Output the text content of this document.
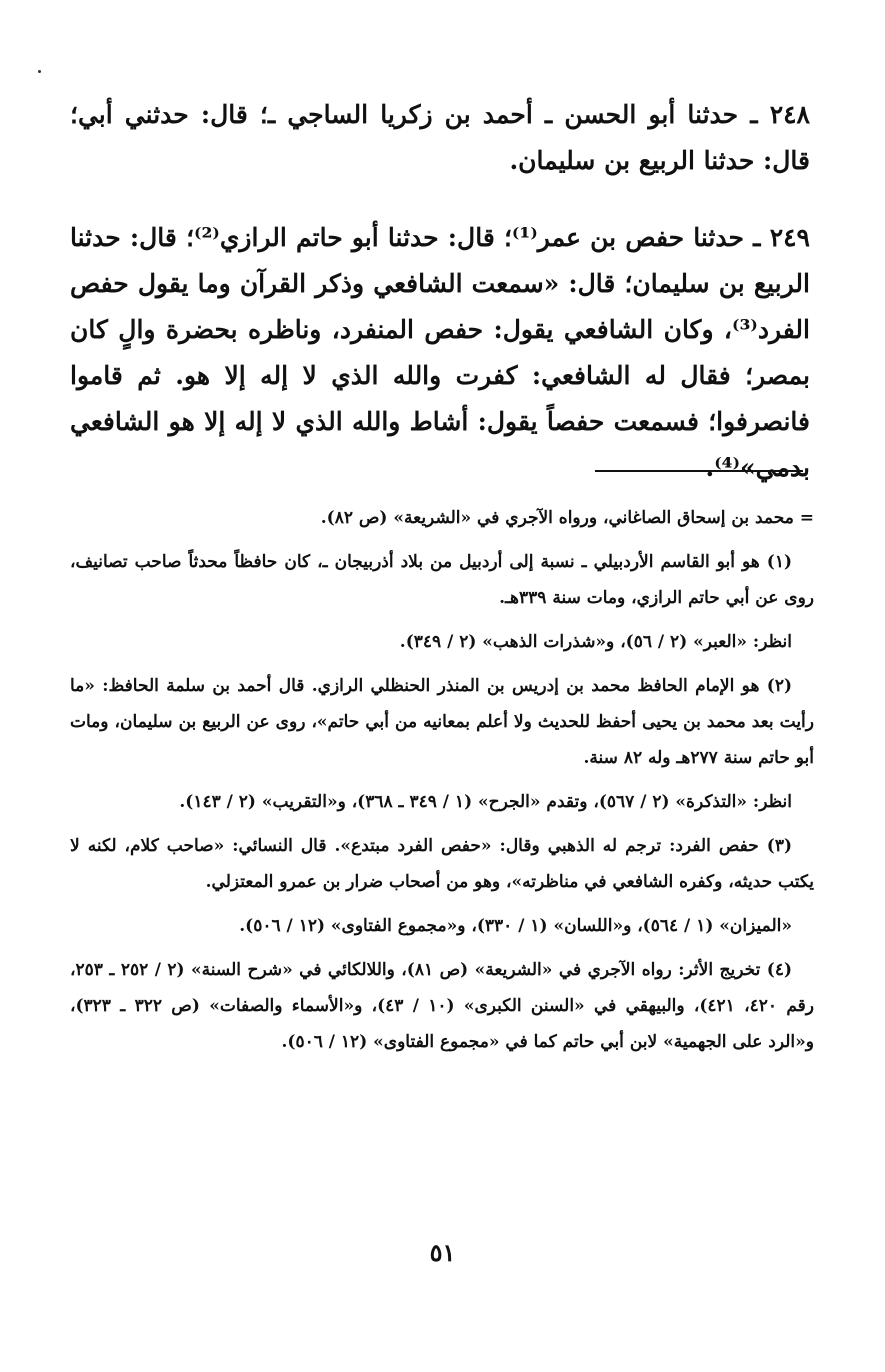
٢٤٨ ـ حدثنا أبو الحسن ـ أحمد بن زكريا الساجي ـ؛ قال: حدثني أبي؛ قال: حدثنا الربيع بن سليمان.

٢٤٩ ـ حدثنا حفص بن عمر⁽¹⁾؛ قال: حدثنا أبو حاتم الرازي⁽²⁾؛ قال: حدثنا الربيع بن سليمان؛ قال: «سمعت الشافعي وذكر القرآن وما يقول حفص الفرد⁽³⁾، وكان الشافعي يقول: حفص المنفرد، وناظره بحضرة والٍ كان بمصر؛ فقال له الشافعي: كفرت والله الذي لا إله إلا هو. ثم قاموا فانصرفوا؛ فسمعت حفصاً يقول: أشاط والله الذي لا إله إلا هو الشافعي بدمي»⁽⁴⁾.

= محمد بن إسحاق الصاغاني، ورواه الآجري في «الشريعة» (ص ٨٢).

(١) هو أبو القاسم الأردبيلي ـ نسبة إلى أردبيل من بلاد أذربيجان ـ، كان حافظاً محدثاً صاحب تصانيف، روى عن أبي حاتم الرازي، ومات سنة ٣٣٩هـ.

انظر: «العبر» (٢ / ٥٦)، و«شذرات الذهب» (٢ / ٣٤٩).

(٢) هو الإمام الحافظ محمد بن إدريس بن المنذر الحنظلي الرازي. قال أحمد بن سلمة الحافظ: «ما رأيت بعد محمد بن يحيى أحفظ للحديث ولا أعلم بمعانيه من أبي حاتم»، روى عن الربيع بن سليمان، ومات أبو حاتم سنة ٢٧٧هـ وله ٨٢ سنة.

انظر: «التذكرة» (٢ / ٥٦٧)، وتقدم «الجرح» (١ / ٣٤٩ ـ ٣٦٨)، و«التقريب» (٢ / ١٤٣).

(٣) حفص الفرد: ترجم له الذهبي وقال: «حفص الفرد مبتدع». قال النسائي: «صاحب كلام، لكنه لا يكتب حديثه، وكفره الشافعي في مناظرته»، وهو من أصحاب ضرار بن عمرو المعتزلي.

«الميزان» (١ / ٥٦٤)، و«اللسان» (١ / ٣٣٠)، و«مجموع الفتاوى» (١٢ / ٥٠٦).

(٤) تخريج الأثر: رواه الآجري في «الشريعة» (ص ٨١)، واللالكائي في «شرح السنة» (٢ / ٢٥٢ ـ ٢٥٣، رقم ٤٢٠، ٤٢١)، والبيهقي في «السنن الكبرى» (١٠ / ٤٣)، و«الأسماء والصفات» (ص ٣٢٢ ـ ٣٢٣)، و«الرد على الجهمية» لابن أبي حاتم كما في «مجموع الفتاوى» (١٢ / ٥٠٦).

٥١
